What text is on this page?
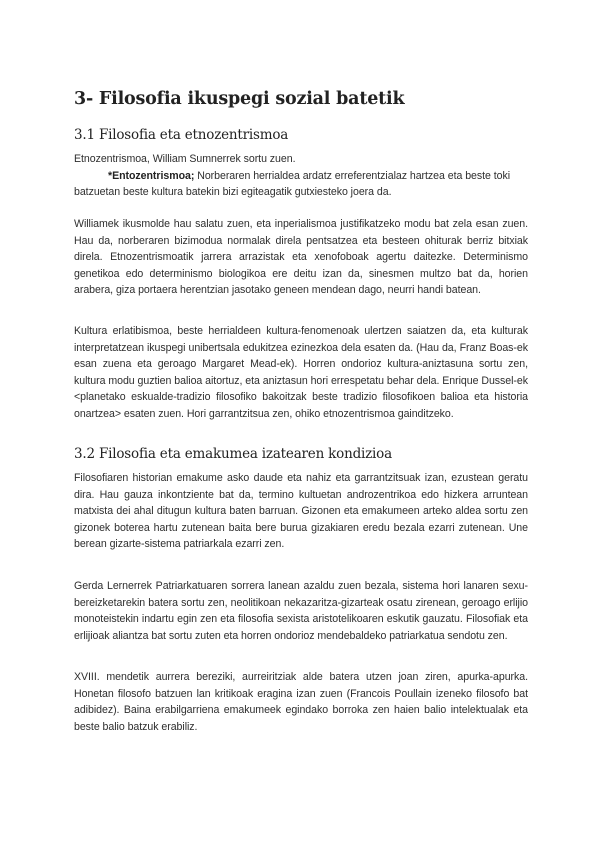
3- Filosofia ikuspegi sozial batetik
3.1 Filosofia eta etnozentrismoa
Etnozentrismoa, William Sumnerrek sortu zuen.
*Entozentrismoa; Norberaren herrialdea ardatz erreferentzialaz hartzea eta beste toki batzuetan beste kultura batekin bizi egiteagatik gutxiesteko joera da.
Williamek ikusmolde hau salatu zuen, eta inperialismoa justifikatzeko modu bat zela esan zuen. Hau da, norberaren bizimodua normalak direla pentsatzea eta besteen ohiturak berriz bitxiak direla. Etnozentrismoatik jarrera arrazistak eta xenofoboak agertu daitezke. Determinismo genetikoa edo determinismo biologikoa ere deitu izan da, sinesmen multzo bat da, horien arabera, giza portaera herentzian jasotako geneen mendean dago, neurri handi batean.
Kultura erlatibismoa, beste herrialdeen kultura-fenomenoak ulertzen saiatzen da, eta kulturak interpretatzean ikuspegi unibertsala edukitzea ezinezkoa dela esaten da. (Hau da, Franz Boas-ek esan zuena eta geroago Margaret Mead-ek). Horren ondorioz kultura-aniztasuna sortu zen, kultura modu guztien balioa aitortuz, eta aniztasun hori errespetatu behar dela. Enrique Dussel-ek <planetako eskualde-tradizio filosofiko bakoitzak beste tradizio filosofikoen balioa eta historia onartzea> esaten zuen. Hori garrantzitsua zen, ohiko etnozentrismoa gainditzeko.
3.2 Filosofia eta emakumea izatearen kondizioa
Filosofiaren historian emakume asko daude eta nahiz eta garrantzitsuak izan, ezustean geratu dira. Hau gauza inkontziente bat da, termino kultuetan androzentrikoa edo hizkera arruntean matxista dei ahal ditugun kultura baten barruan. Gizonen eta emakumeen arteko aldea sortu zen gizonek boterea hartu zutenean baita bere burua gizakiaren eredu bezala ezarri zutenean. Une berean gizarte-sistema patriarkala ezarri zen.
Gerda Lernerrek Patriarkatuaren sorrera lanean azaldu zuen bezala, sistema hori lanaren sexu-bereizketarekin batera sortu zen, neolitikoan nekazaritza-gizarteak osatu zirenean, geroago erlijio monoteistekin indartu egin zen eta filosofia sexista aristotelikoaren eskutik gauzatu. Filosofiak eta erlijioak aliantza bat sortu zuten eta horren ondorioz mendebaldeko patriarkatua sendotu zen.
XVIII. mendetik aurrera bereziki, aurreiritziak alde batera utzen joan ziren, apurka-apurka. Honetan filosofo batzuen lan kritikoak eragina izan zuen (Francois Poullain izeneko filosofo bat adibidez). Baina erabilgarriena emakumeek egindako borroka zen haien balio intelektualak eta beste balio batzuk erabiliz.
